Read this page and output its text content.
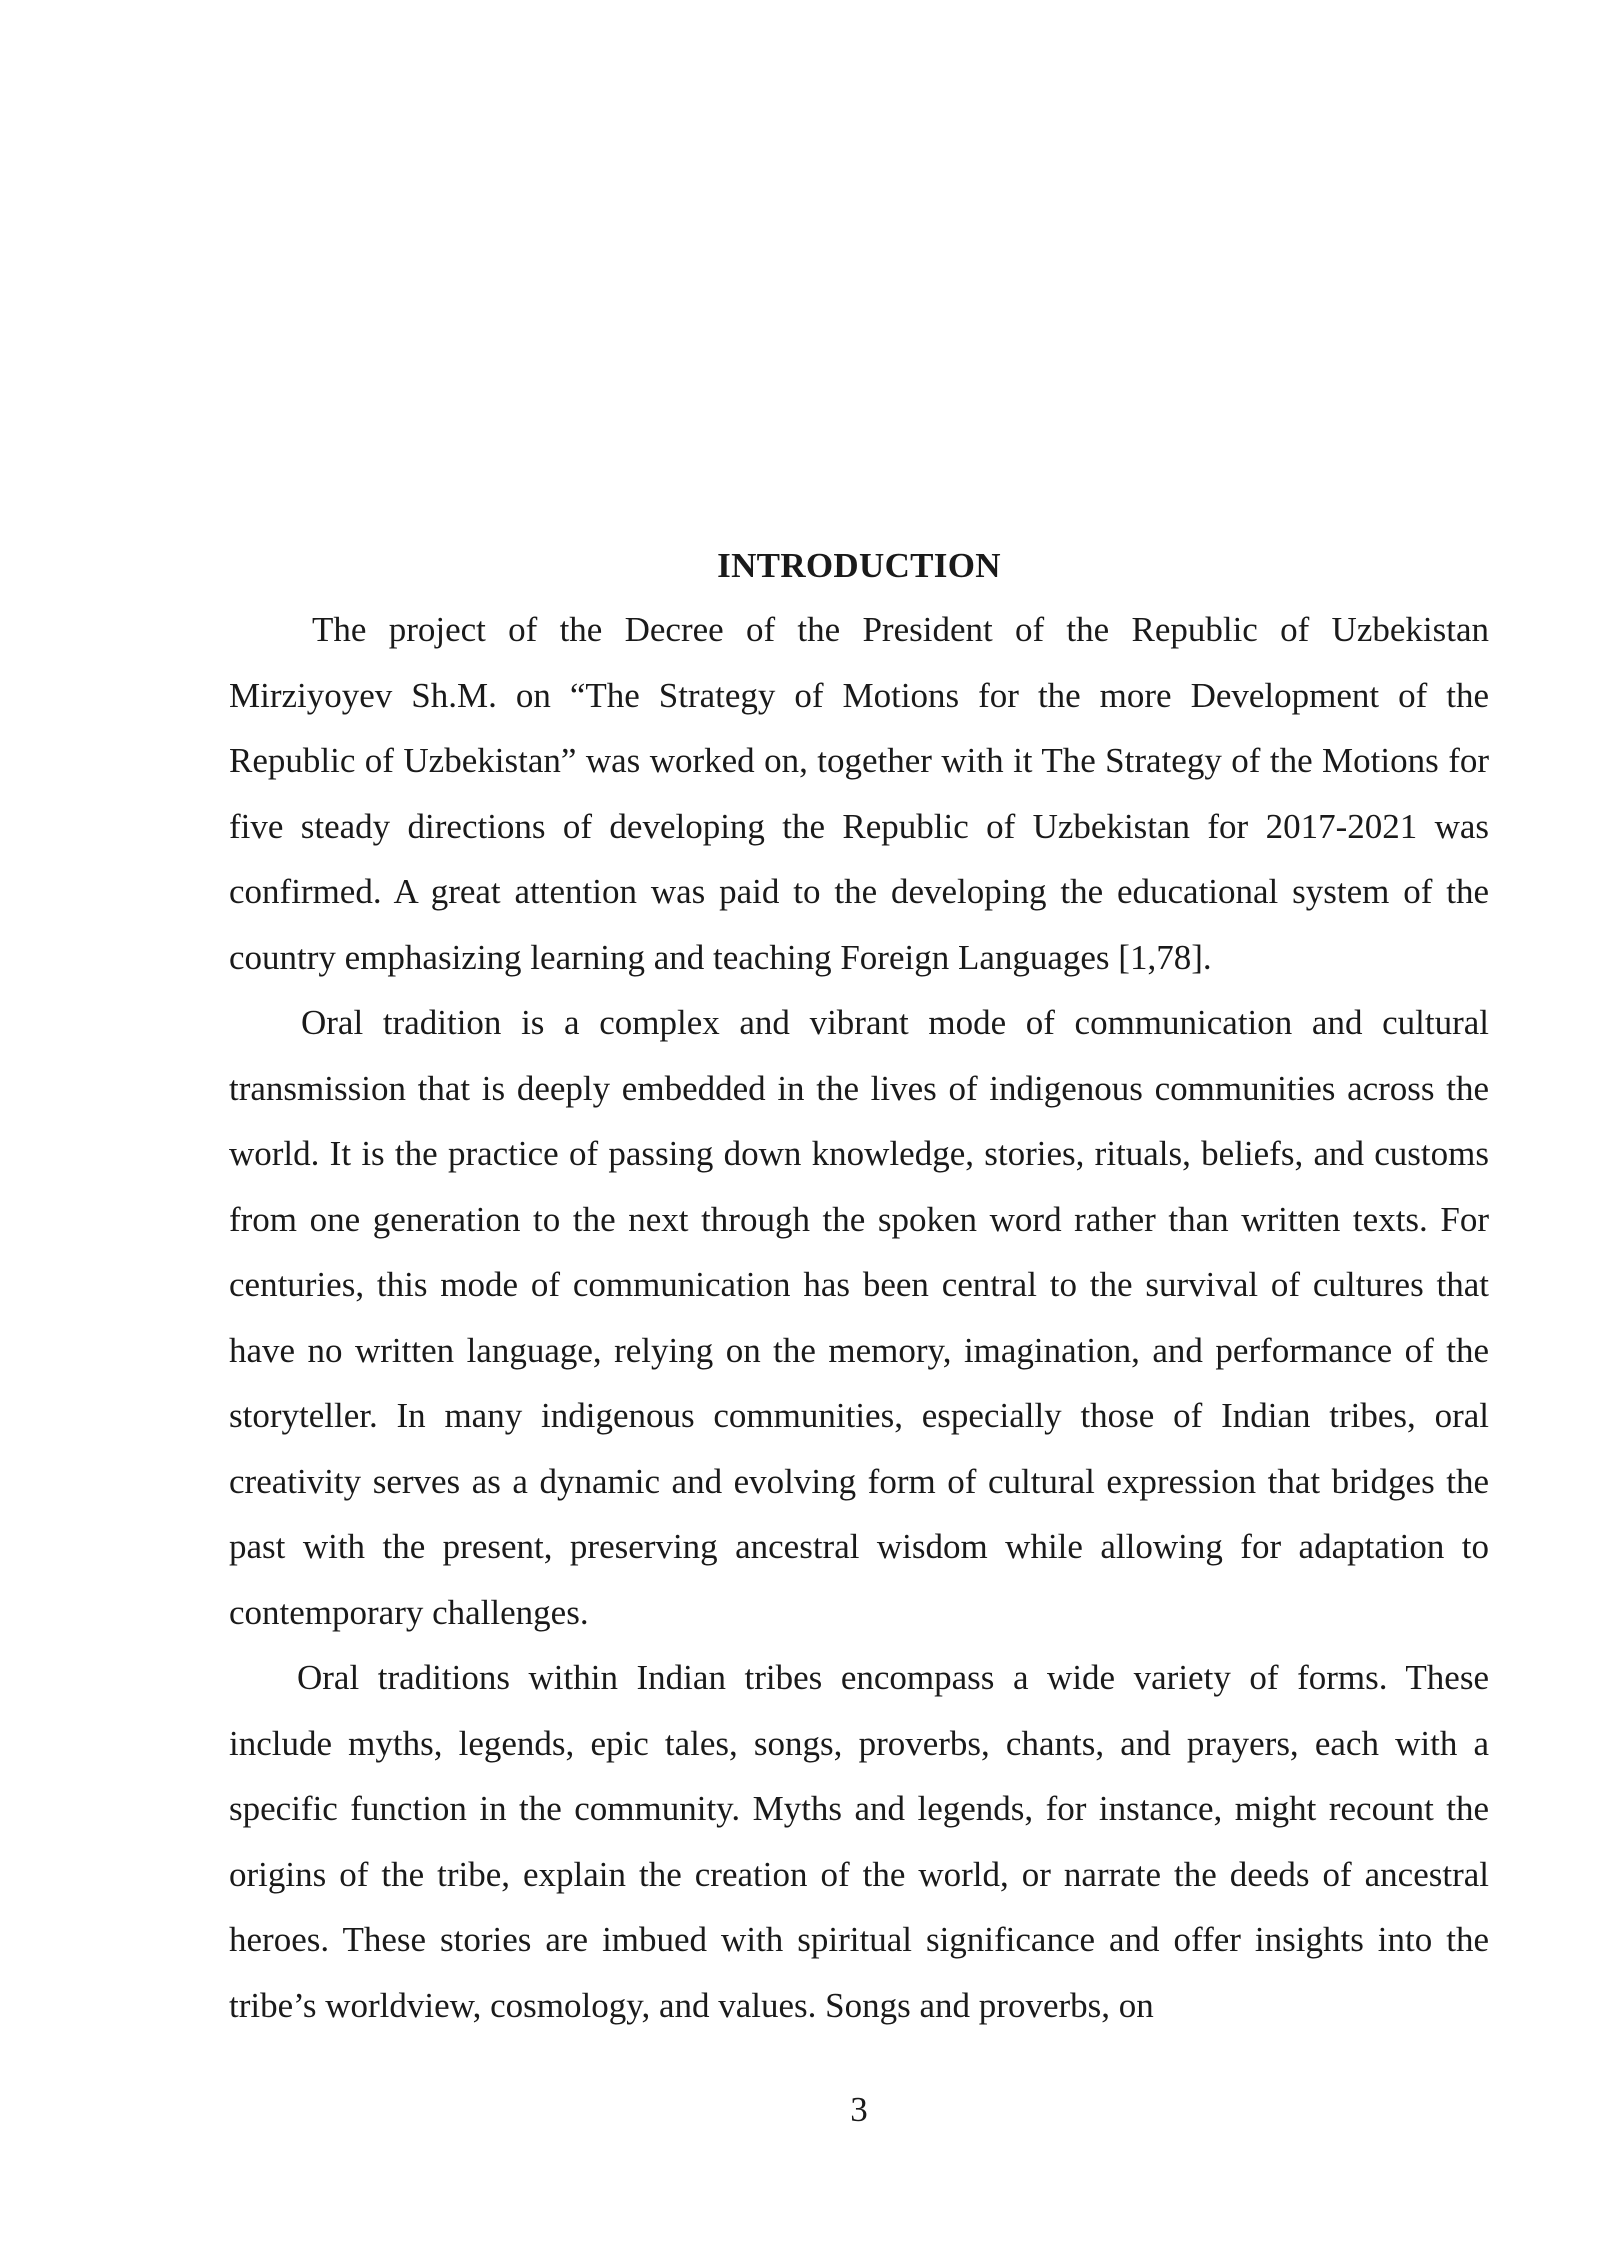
INTRODUCTION

The project of the Decree of the President of the Republic of Uzbekistan Mirziyoyev Sh.M. on “The Strategy of Motions for the more Development of the Republic of Uzbekistan” was worked on, together with it The Strategy of the Motions for five steady directions of developing the Republic of Uzbekistan for 2017-2021 was confirmed. A great attention was paid to the developing the educational system of the country emphasizing learning and teaching Foreign Languages [1,78].

Oral tradition is a complex and vibrant mode of communication and cultural transmission that is deeply embedded in the lives of indigenous communities across the world. It is the practice of passing down knowledge, stories, rituals, beliefs, and customs from one generation to the next through the spoken word rather than written texts. For centuries, this mode of communication has been central to the survival of cultures that have no written language, relying on the memory, imagination, and performance of the storyteller. In many indigenous communities, especially those of Indian tribes, oral creativity serves as a dynamic and evolving form of cultural expression that bridges the past with the present, preserving ancestral wisdom while allowing for adaptation to contemporary challenges.

Oral traditions within Indian tribes encompass a wide variety of forms. These include myths, legends, epic tales, songs, proverbs, chants, and prayers, each with a specific function in the community. Myths and legends, for instance, might recount the origins of the tribe, explain the creation of the world, or narrate the deeds of ancestral heroes. These stories are imbued with spiritual significance and offer insights into the tribe’s worldview, cosmology, and values. Songs and proverbs, on

3
